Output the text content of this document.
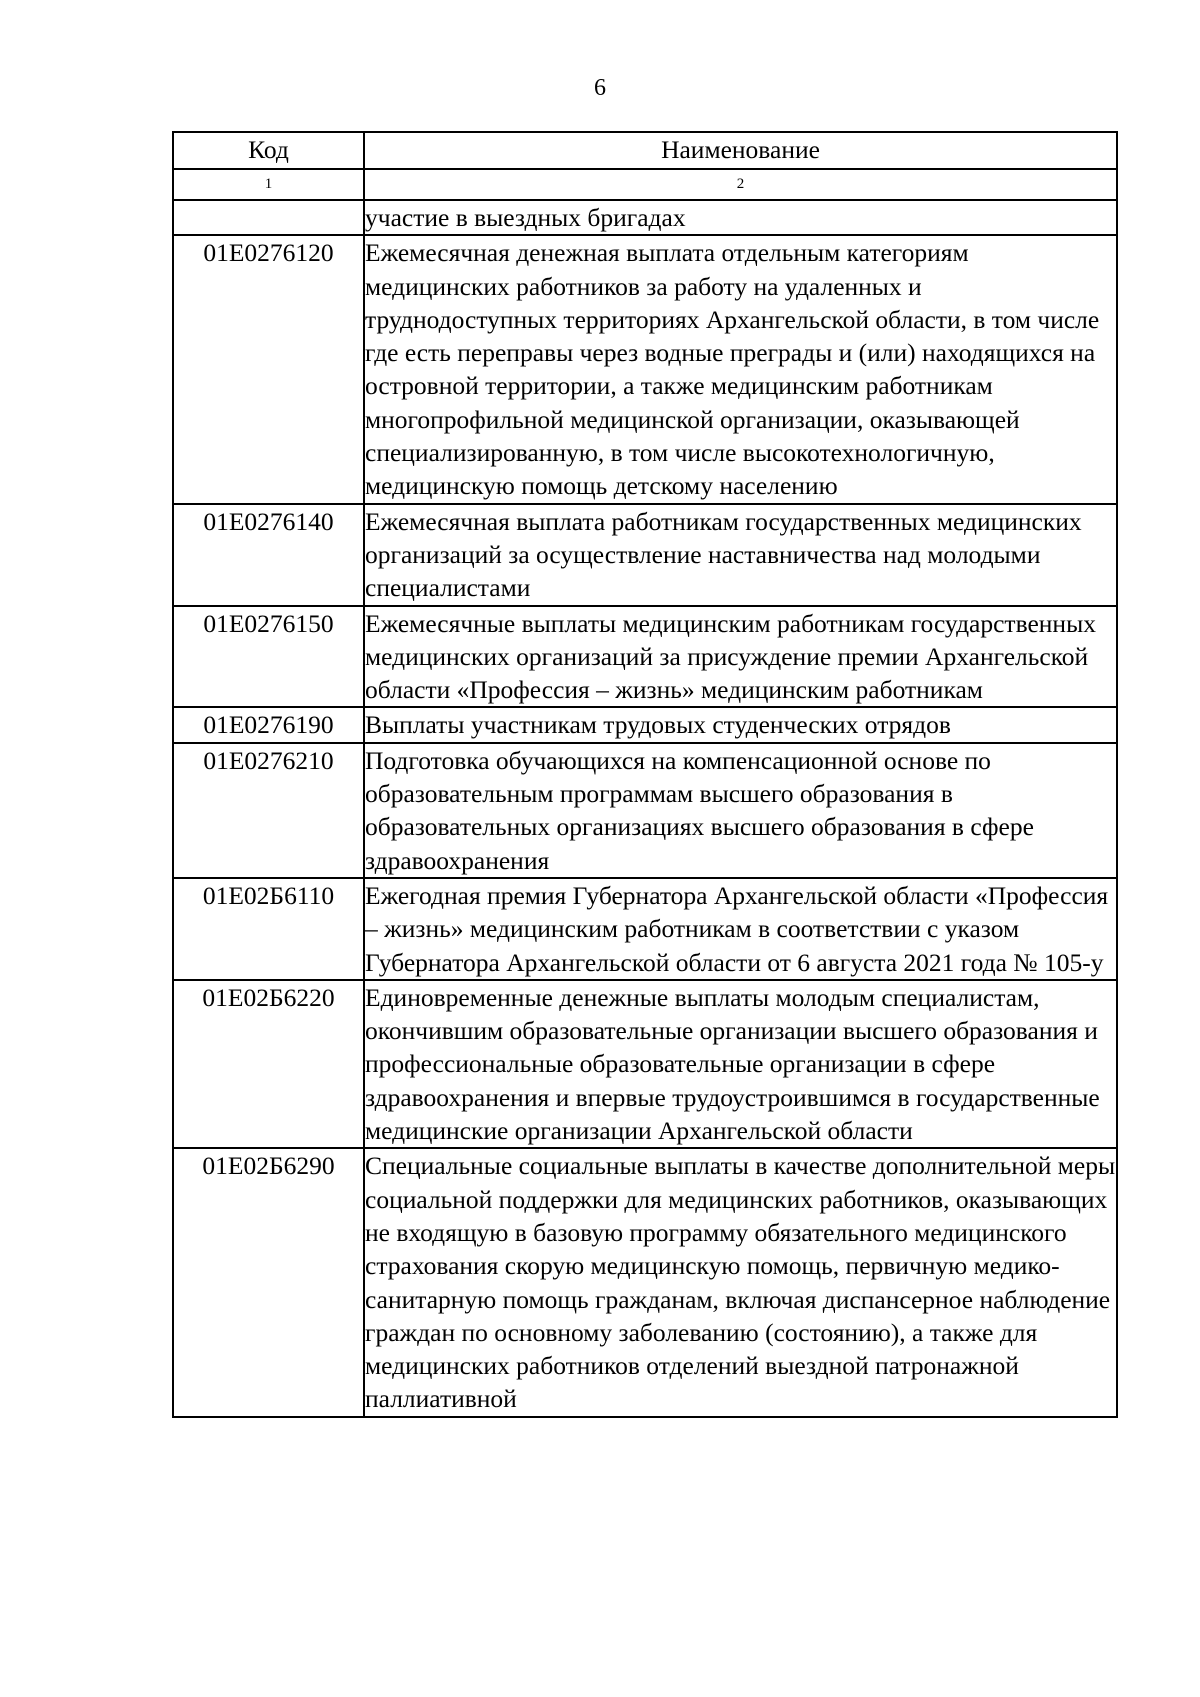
6
Код	Наименование
1	2
	участие в выездных бригадах
01Е0276120	Ежемесячная денежная выплата отдельным категориям медицинских работников за работу на удаленных и труднодоступных территориях Архангельской области, в том числе где есть переправы через водные преграды и (или) находящихся на островной территории, а также медицинским работникам многопрофильной медицинской организации, оказывающей специализированную, в том числе высокотехнологичную, медицинскую помощь детскому населению
01Е0276140	Ежемесячная выплата работникам государственных медицинских организаций за осуществление наставничества над молодыми специалистами
01Е0276150	Ежемесячные выплаты медицинским работникам государственных медицинских организаций за присуждение премии Архангельской области «Профессия – жизнь» медицинским работникам
01Е0276190	Выплаты участникам трудовых студенческих отрядов
01Е0276210	Подготовка обучающихся на компенсационной основе по образовательным программам высшего образования в образовательных организациях высшего образования в сфере здравоохранения
01Е02Б6110	Ежегодная премия Губернатора Архангельской области «Профессия – жизнь» медицинским работникам в соответствии с указом Губернатора Архангельской области от 6 августа 2021 года № 105-у
01Е02Б6220	Единовременные денежные выплаты молодым специалистам, окончившим образовательные организации высшего образования и профессиональные образовательные организации в сфере здравоохранения и впервые трудоустроившимся в государственные медицинские организации Архангельской области
01Е02Б6290	Специальные социальные выплаты в качестве дополнительной меры социальной поддержки для медицинских работников, оказывающих не входящую в базовую программу обязательного медицинского страхования скорую медицинскую помощь, первичную медико-санитарную помощь гражданам, включая диспансерное наблюдение граждан по основному заболеванию (состоянию), а также для медицинских работников отделений выездной патронажной паллиативной
